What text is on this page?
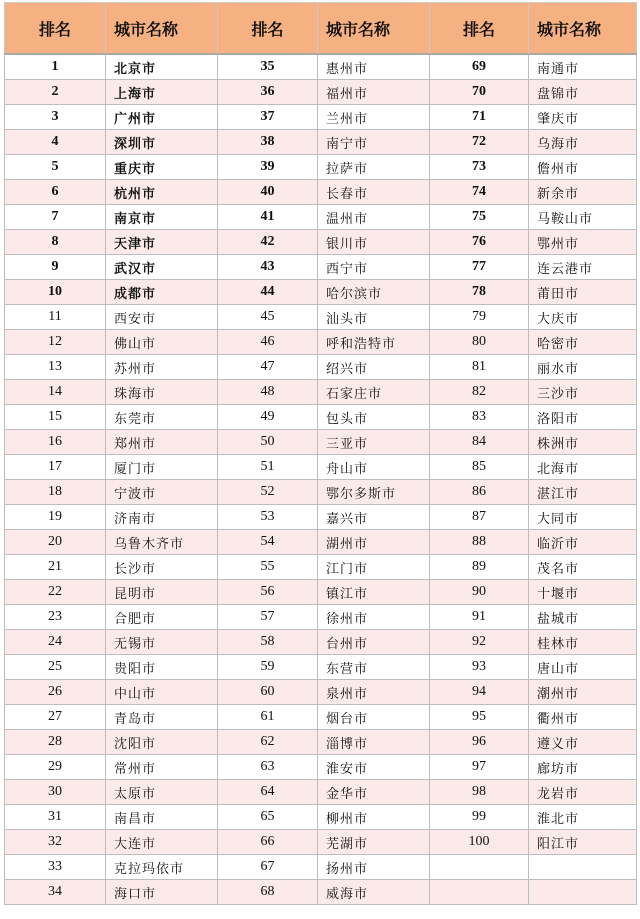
排名	城市名称	排名	城市名称	排名	城市名称
1	北京市	35	惠州市	69	南通市
2	上海市	36	福州市	70	盘锦市
3	广州市	37	兰州市	71	肇庆市
4	深圳市	38	南宁市	72	乌海市
5	重庆市	39	拉萨市	73	儋州市
6	杭州市	40	长春市	74	新余市
7	南京市	41	温州市	75	马鞍山市
8	天津市	42	银川市	76	鄂州市
9	武汉市	43	西宁市	77	连云港市
10	成都市	44	哈尔滨市	78	莆田市
11	西安市	45	汕头市	79	大庆市
12	佛山市	46	呼和浩特市	80	哈密市
13	苏州市	47	绍兴市	81	丽水市
14	珠海市	48	石家庄市	82	三沙市
15	东莞市	49	包头市	83	洛阳市
16	郑州市	50	三亚市	84	株洲市
17	厦门市	51	舟山市	85	北海市
18	宁波市	52	鄂尔多斯市	86	湛江市
19	济南市	53	嘉兴市	87	大同市
20	乌鲁木齐市	54	湖州市	88	临沂市
21	长沙市	55	江门市	89	茂名市
22	昆明市	56	镇江市	90	十堰市
23	合肥市	57	徐州市	91	盐城市
24	无锡市	58	台州市	92	桂林市
25	贵阳市	59	东营市	93	唐山市
26	中山市	60	泉州市	94	潮州市
27	青岛市	61	烟台市	95	衢州市
28	沈阳市	62	淄博市	96	遵义市
29	常州市	63	淮安市	97	廊坊市
30	太原市	64	金华市	98	龙岩市
31	南昌市	65	柳州市	99	淮北市
32	大连市	66	芜湖市	100	阳江市
33	克拉玛依市	67	扬州市		
34	海口市	68	威海市		
